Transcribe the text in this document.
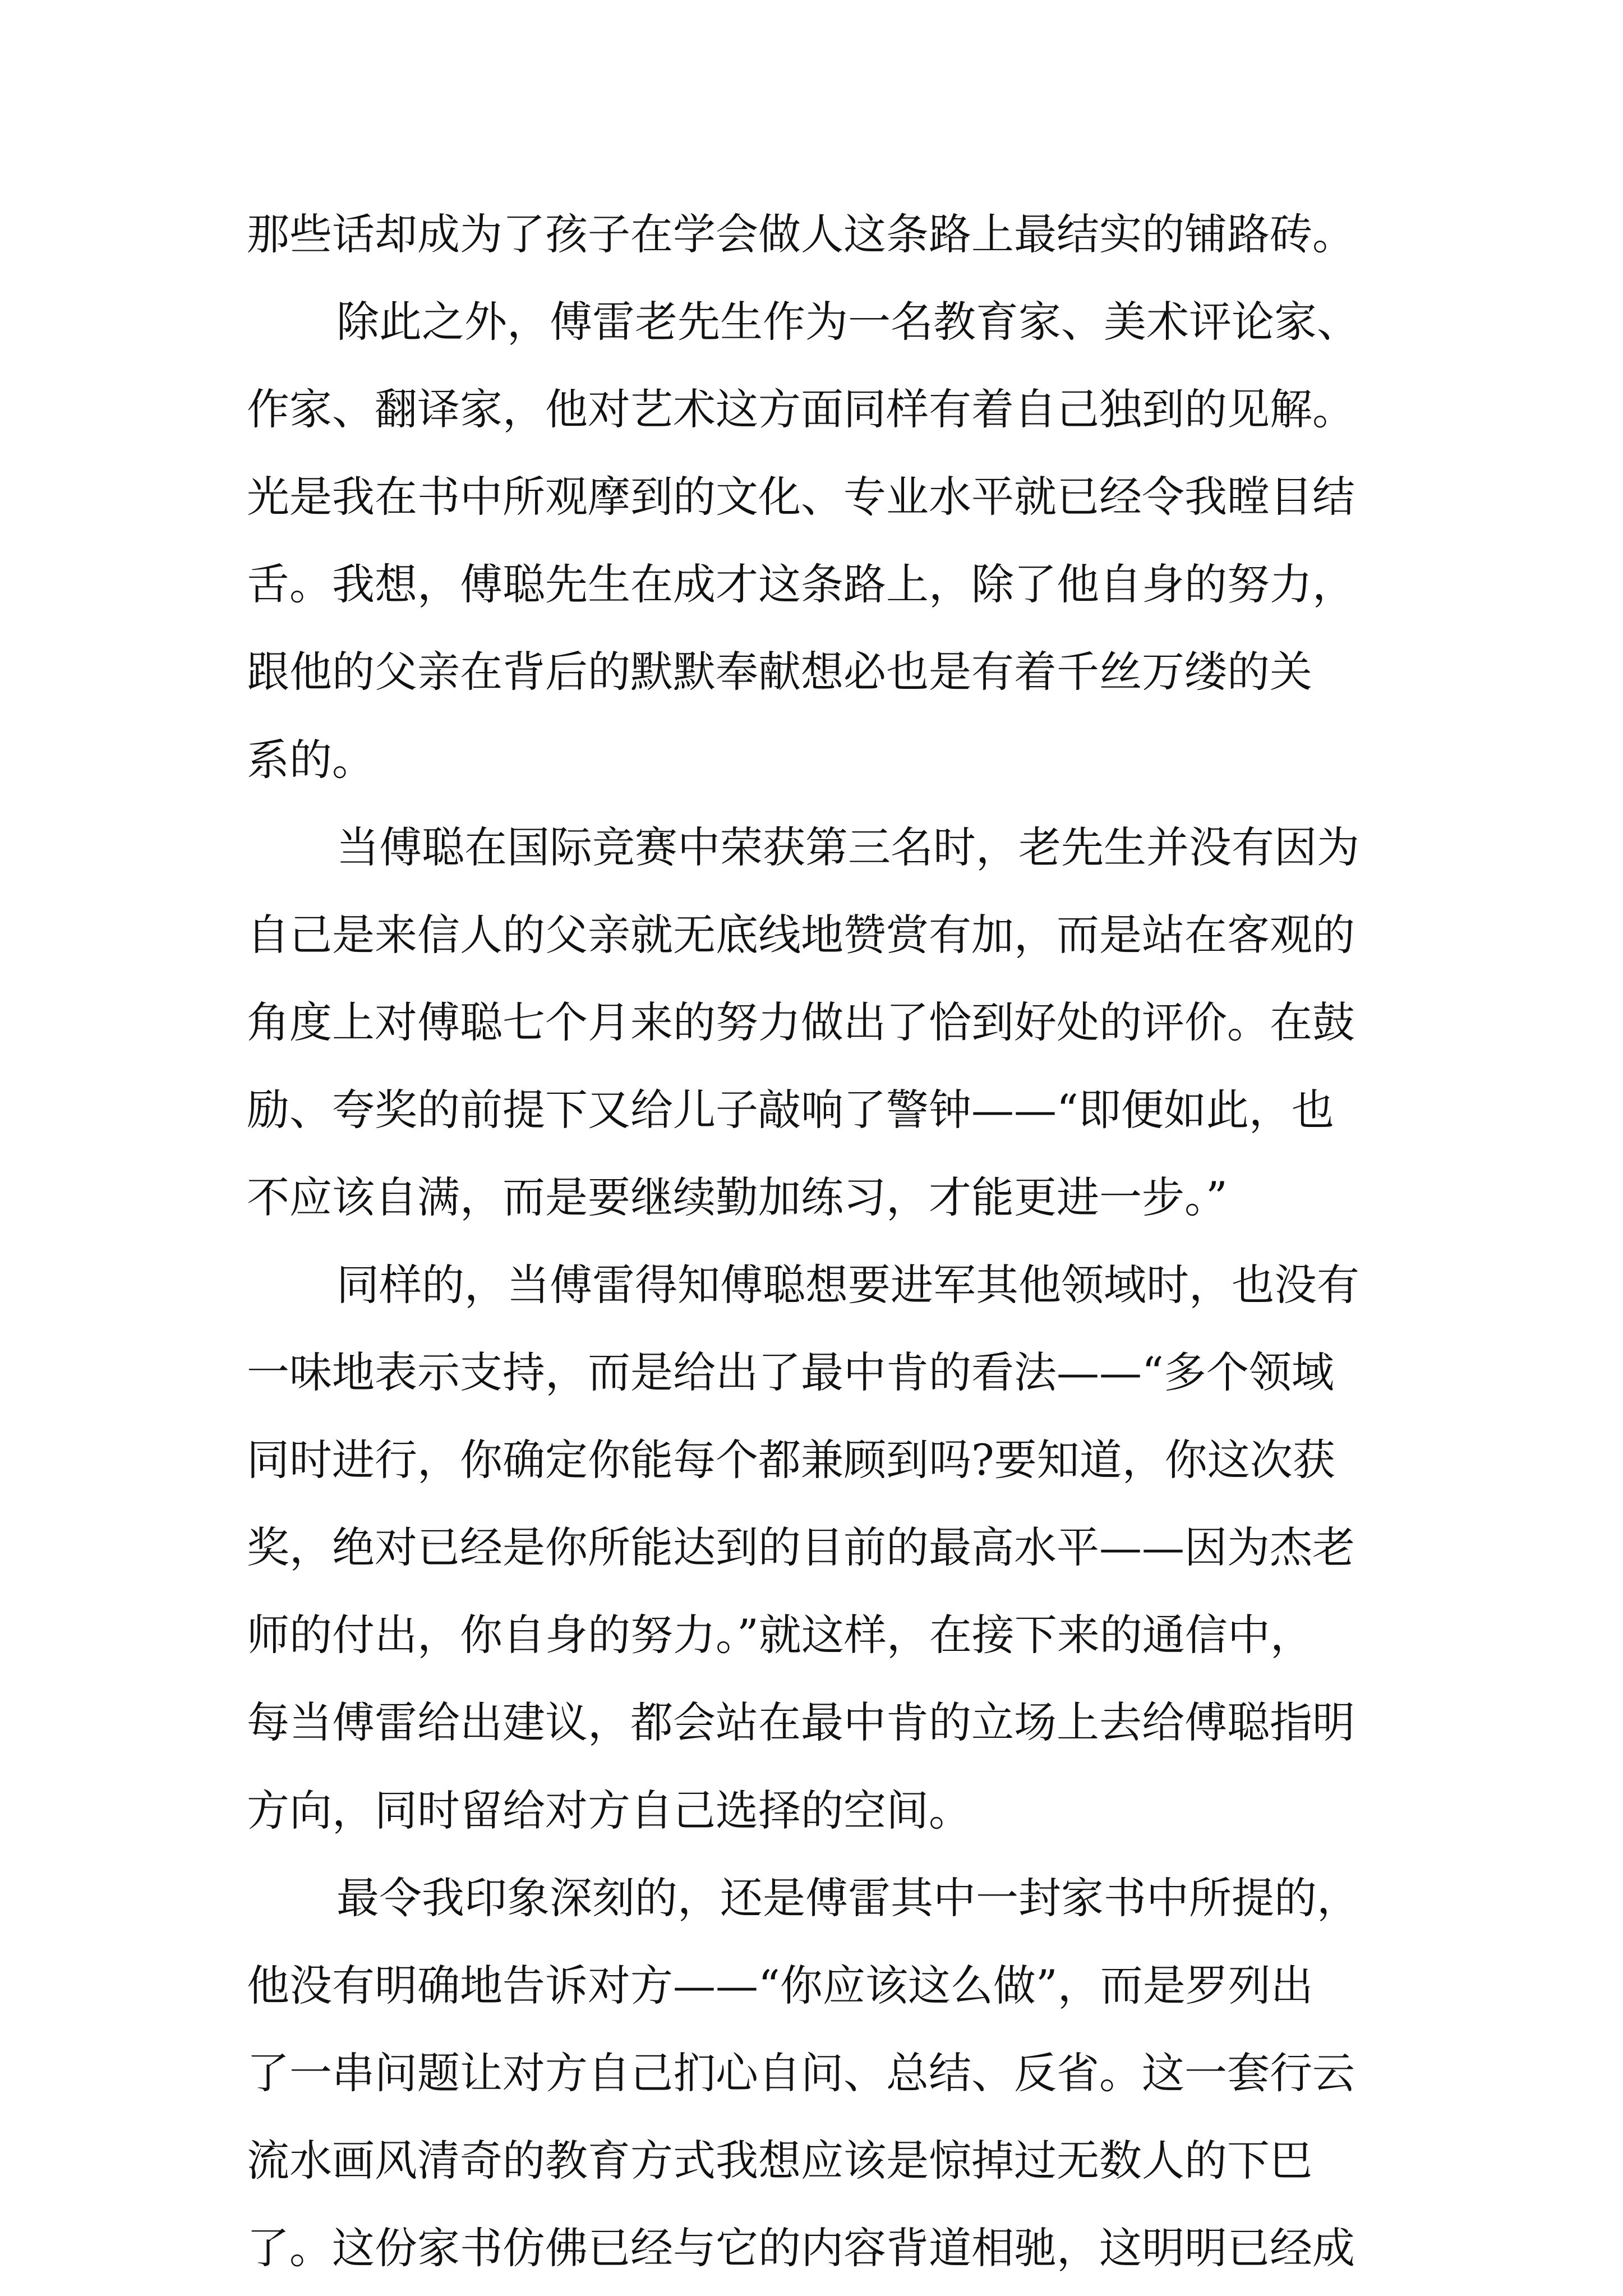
那些话却成为了孩子在学会做人这条路上最结实的铺路砖。

除此之外，傅雷老先生作为一名教育家、美术评论家、

作家、翻译家，他对艺术这方面同样有着自己独到的见解。

光是我在书中所观摩到的文化、专业水平就已经令我瞠目结

舌。我想，傅聪先生在成才这条路上，除了他自身的努力，

跟他的父亲在背后的默默奉献想必也是有着千丝万缕的关

系的。

当傅聪在国际竞赛中荣获第三名时，老先生并没有因为

自己是来信人的父亲就无底线地赞赏有加，而是站在客观的

角度上对傅聪七个月来的努力做出了恰到好处的评价。在鼓

励、夸奖的前提下又给儿子敲响了警钟——“即便如此，也

不应该自满，而是要继续勤加练习，才能更进一步。”

同样的，当傅雷得知傅聪想要进军其他领域时，也没有

一味地表示支持，而是给出了最中肯的看法——“多个领域

同时进行，你确定你能每个都兼顾到吗?要知道，你这次获

奖，绝对已经是你所能达到的目前的最高水平——因为杰老

师的付出，你自身的努力。”就这样，在接下来的通信中，

每当傅雷给出建议，都会站在最中肯的立场上去给傅聪指明

方向，同时留给对方自己选择的空间。

最令我印象深刻的，还是傅雷其中一封家书中所提的，

他没有明确地告诉对方——“你应该这么做”，而是罗列出

了一串问题让对方自己扪心自问、总结、反省。这一套行云

流水画风清奇的教育方式我想应该是惊掉过无数人的下巴

了。这份家书仿佛已经与它的内容背道相驰，这明明已经成
